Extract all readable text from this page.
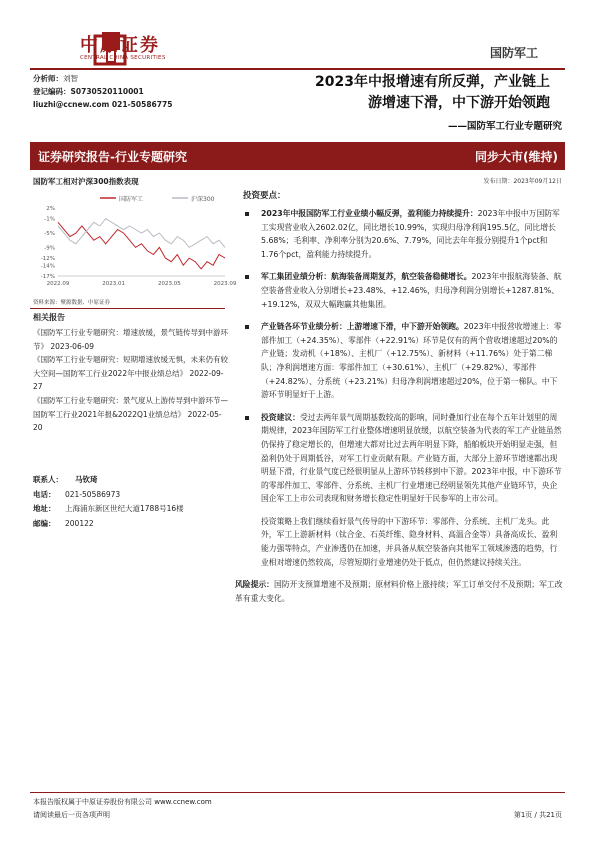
中原证券
CENTRAL CHINA SECURITIES	国防军工
分析师：刘智
登记编码：S0730520110001
liuzhi@ccnew.com 021-50586775
2023年中报增速有所反弹，产业链上
游增速下滑，中下游开始领跑
——国防军工行业专题研究
证券研究报告-行业专题研究	同步大市(维持)
国防军工相对沪深300指数表现
国防军工	沪深300
2%
-1%
-5%
-9%
-12%
-14%
-17%
2022.09	2023.01	2023.05	2023.09
资料来源：聚源数据、中原证券
相关报告
《国防军工行业专题研究：增速放缓，景气链传导到中游环节》 2023-06-09
《国防军工行业专题研究：短期增速放缓无惧，未来仍有较大空间—国防军工行业2022年中报业绩总结》 2022-09-27
《国防军工行业专题研究：景气度从上游传导到中游环节—国防军工行业2021年报&2022Q1业绩总结》 2022-05-20
联系人：	马钦琦
电话：	021-50586973
地址：	上海浦东新区世纪大道1788号16楼
邮编：	200122
发布日期：2023年09月12日
投资要点：
2023年中报国防军工行业业绩小幅反弹，盈利能力持续提升：2023年中报中万国防军工实现营业收入2602.02亿，同比增长10.99%，实现归母净利润195.5亿，同比增长5.68%；毛利率、净利率分别为20.6%、7.79%，同比去年年报分别提升1个pct和1.76个pct，盈利能力持续提升。
军工集团业绩分析：航海装备周期复苏，航空装备稳健增长。2023年中报航海装备、航空装备营业收入分别增长+23.48%、+12.46%，归母净利润分别增长+1287.81%、+19.12%，双双大幅跑赢其他集团。
产业链各环节业绩分析：上游增速下滑，中下游开始领跑。2023年中报营收增速上：零部件加工（+24.35%）、零部件（+22.91%）环节是仅有的两个营收增速超过20%的产业链；发动机（+18%）、主机厂（+12.75%）、新材料（+11.76%）处于第二梯队；净利润增速方面：零部件加工（+30.61%）、主机厂（+29.82%）、零部件（+24.82%）、分系统（+23.21%）归母净利润增速超过20%，位于第一梯队。中下游环节明显好于上游。
投资建议：受过去两年景气周期基数较高的影响，同时叠加行业在每个五年计划里的周期规律，2023年国防军工行业整体增速明显放缓，以航空装备为代表的军工产业链虽然仍保持了稳定增长的，但增速大都对比过去两年明显下降，船舶板块开始明显走强，但盈利仍处于周期低谷，对军工行业贡献有限。产业链方面，大部分上游环节增速都出现明显下滑，行业景气度已经很明显从上游环节转移到中下游。2023年中报，中下游环节的零部件加工、零部件、分系统、主机厂行业增速已经明显领先其他产业链环节，央企国企军工上市公司表现和财务增长稳定性明显好于民参军的上市公司。
投资策略上我们继续看好景气传导的中下游环节：零部件、分系统、主机厂龙头。此外，军工上游新材料（钛合金、石英纤维、隐身材料、高温合金等）具备高成长、盈利能力强等特点，产业渗透仍在加速，并具备从航空装备向其他军工领域渗透的趋势，行业相对增速仍然较高，尽管短期行业增速仍处于低点，但仍然建议持续关注。
风险提示：国防开支预算增速不及预期；原材料价格上涨持续；军工订单交付不及预期；军工改革有重大变化。
本报告版权属于中原证券股份有限公司 www.ccnew.com
请阅读最后一页各项声明	第1页 / 共21页
